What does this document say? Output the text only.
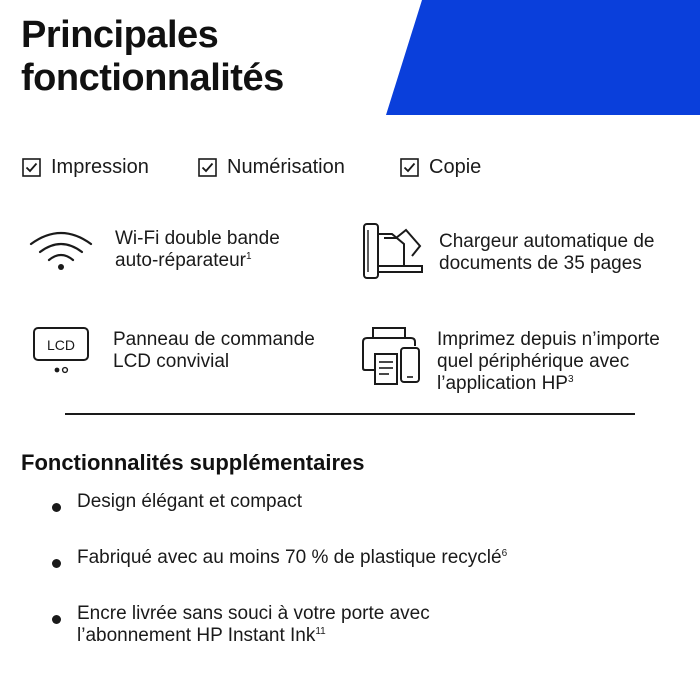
Principales
fonctionnalités
Impression	Numérisation	Copie
Wi-Fi double bande
auto-réparateur$^1$
Chargeur automatique de
documents de 35 pages
LCD Panneau de commande
LCD convivial
Imprimez depuis n’importe
quel périphérique avec
l’application $HP^3$
Fonctionnalités supplémentaires
Design élégant et compact
Fabriqué avec au moins 70 % de plastique recyclé$^6$
Encre livrée sans souci à votre porte avec
l’abonnement HP Instant Ink$^{11}$
